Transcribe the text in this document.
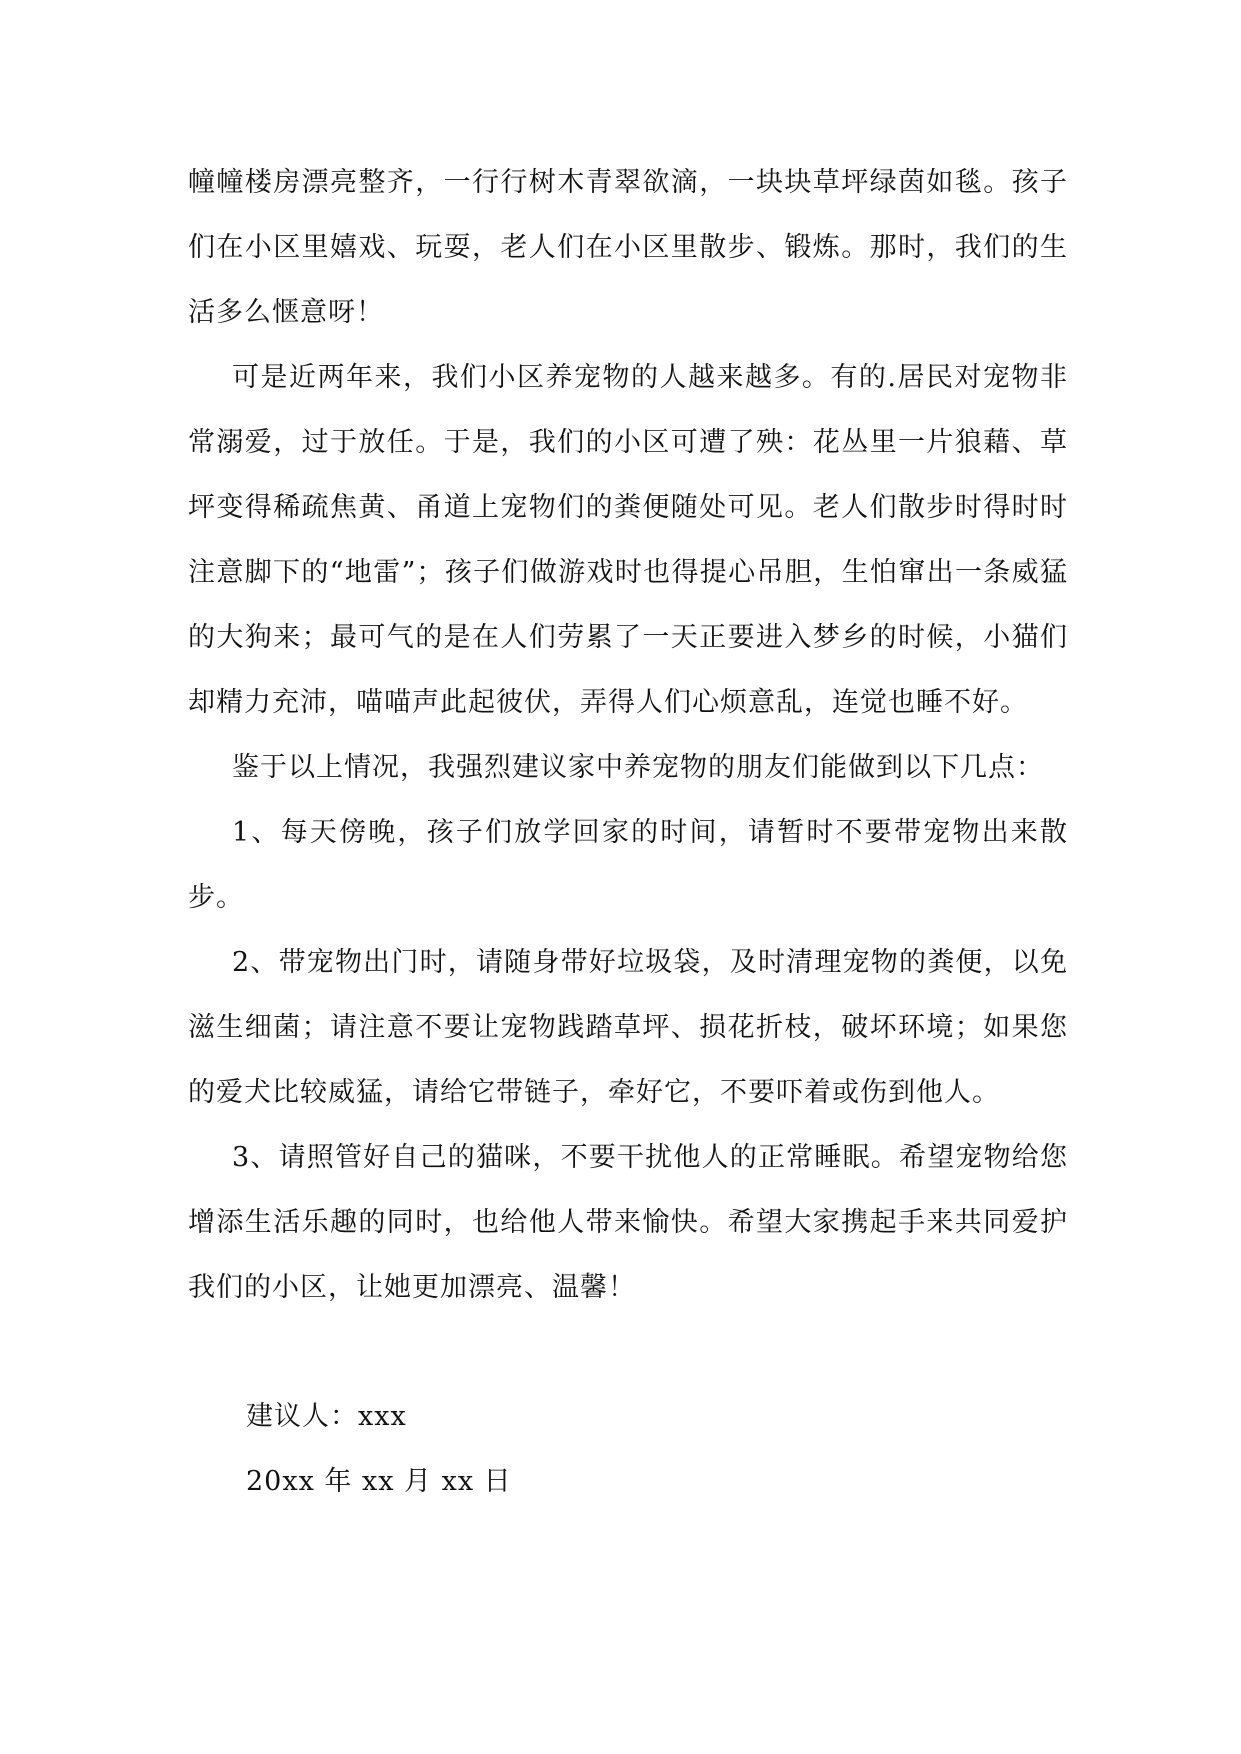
幢幢楼房漂亮整齐，一行行树木青翠欲滴，一块块草坪绿茵如毯。孩子们在小区里嬉戏、玩耍，老人们在小区里散步、锻炼。那时，我们的生活多么惬意呀！

可是近两年来，我们小区养宠物的人越来越多。有的.居民对宠物非常溺爱，过于放任。于是，我们的小区可遭了殃：花丛里一片狼藉、草坪变得稀疏焦黄、甬道上宠物们的粪便随处可见。老人们散步时得时时注意脚下的“地雷”；孩子们做游戏时也得提心吊胆，生怕窜出一条威猛的大狗来；最可气的是在人们劳累了一天正要进入梦乡的时候，小猫们却精力充沛，喵喵声此起彼伏，弄得人们心烦意乱，连觉也睡不好。

鉴于以上情况，我强烈建议家中养宠物的朋友们能做到以下几点：

1、每天傍晚，孩子们放学回家的时间，请暂时不要带宠物出来散步。

2、带宠物出门时，请随身带好垃圾袋，及时清理宠物的粪便，以免滋生细菌；请注意不要让宠物践踏草坪、损花折枝，破坏环境；如果您的爱犬比较威猛，请给它带链子，牵好它，不要吓着或伤到他人。

3、请照管好自己的猫咪，不要干扰他人的正常睡眠。希望宠物给您增添生活乐趣的同时，也给他人带来愉快。希望大家携起手来共同爱护我们的小区，让她更加漂亮、温馨！

建议人：xxx

20xx 年 xx 月 xx 日
